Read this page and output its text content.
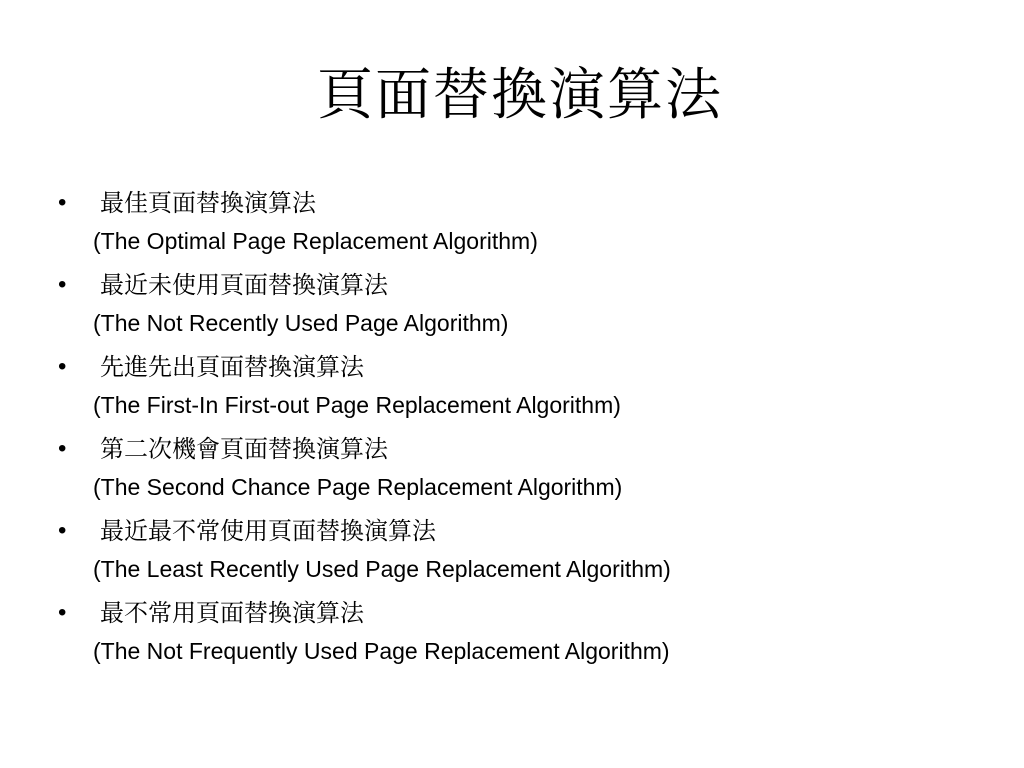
頁面替換演算法
•	最佳頁面替換演算法
(The Optimal Page Replacement Algorithm)
•	最近未使用頁面替換演算法
(The Not Recently Used Page Algorithm)
•	先進先出頁面替換演算法
(The First-In First-out Page Replacement Algorithm)
•	第二次機會頁面替換演算法
(The Second Chance Page Replacement Algorithm)
•	最近最不常使用頁面替換演算法
(The Least Recently Used Page Replacement Algorithm)
•	最不常用頁面替換演算法
(The Not Frequently Used Page Replacement Algorithm)
